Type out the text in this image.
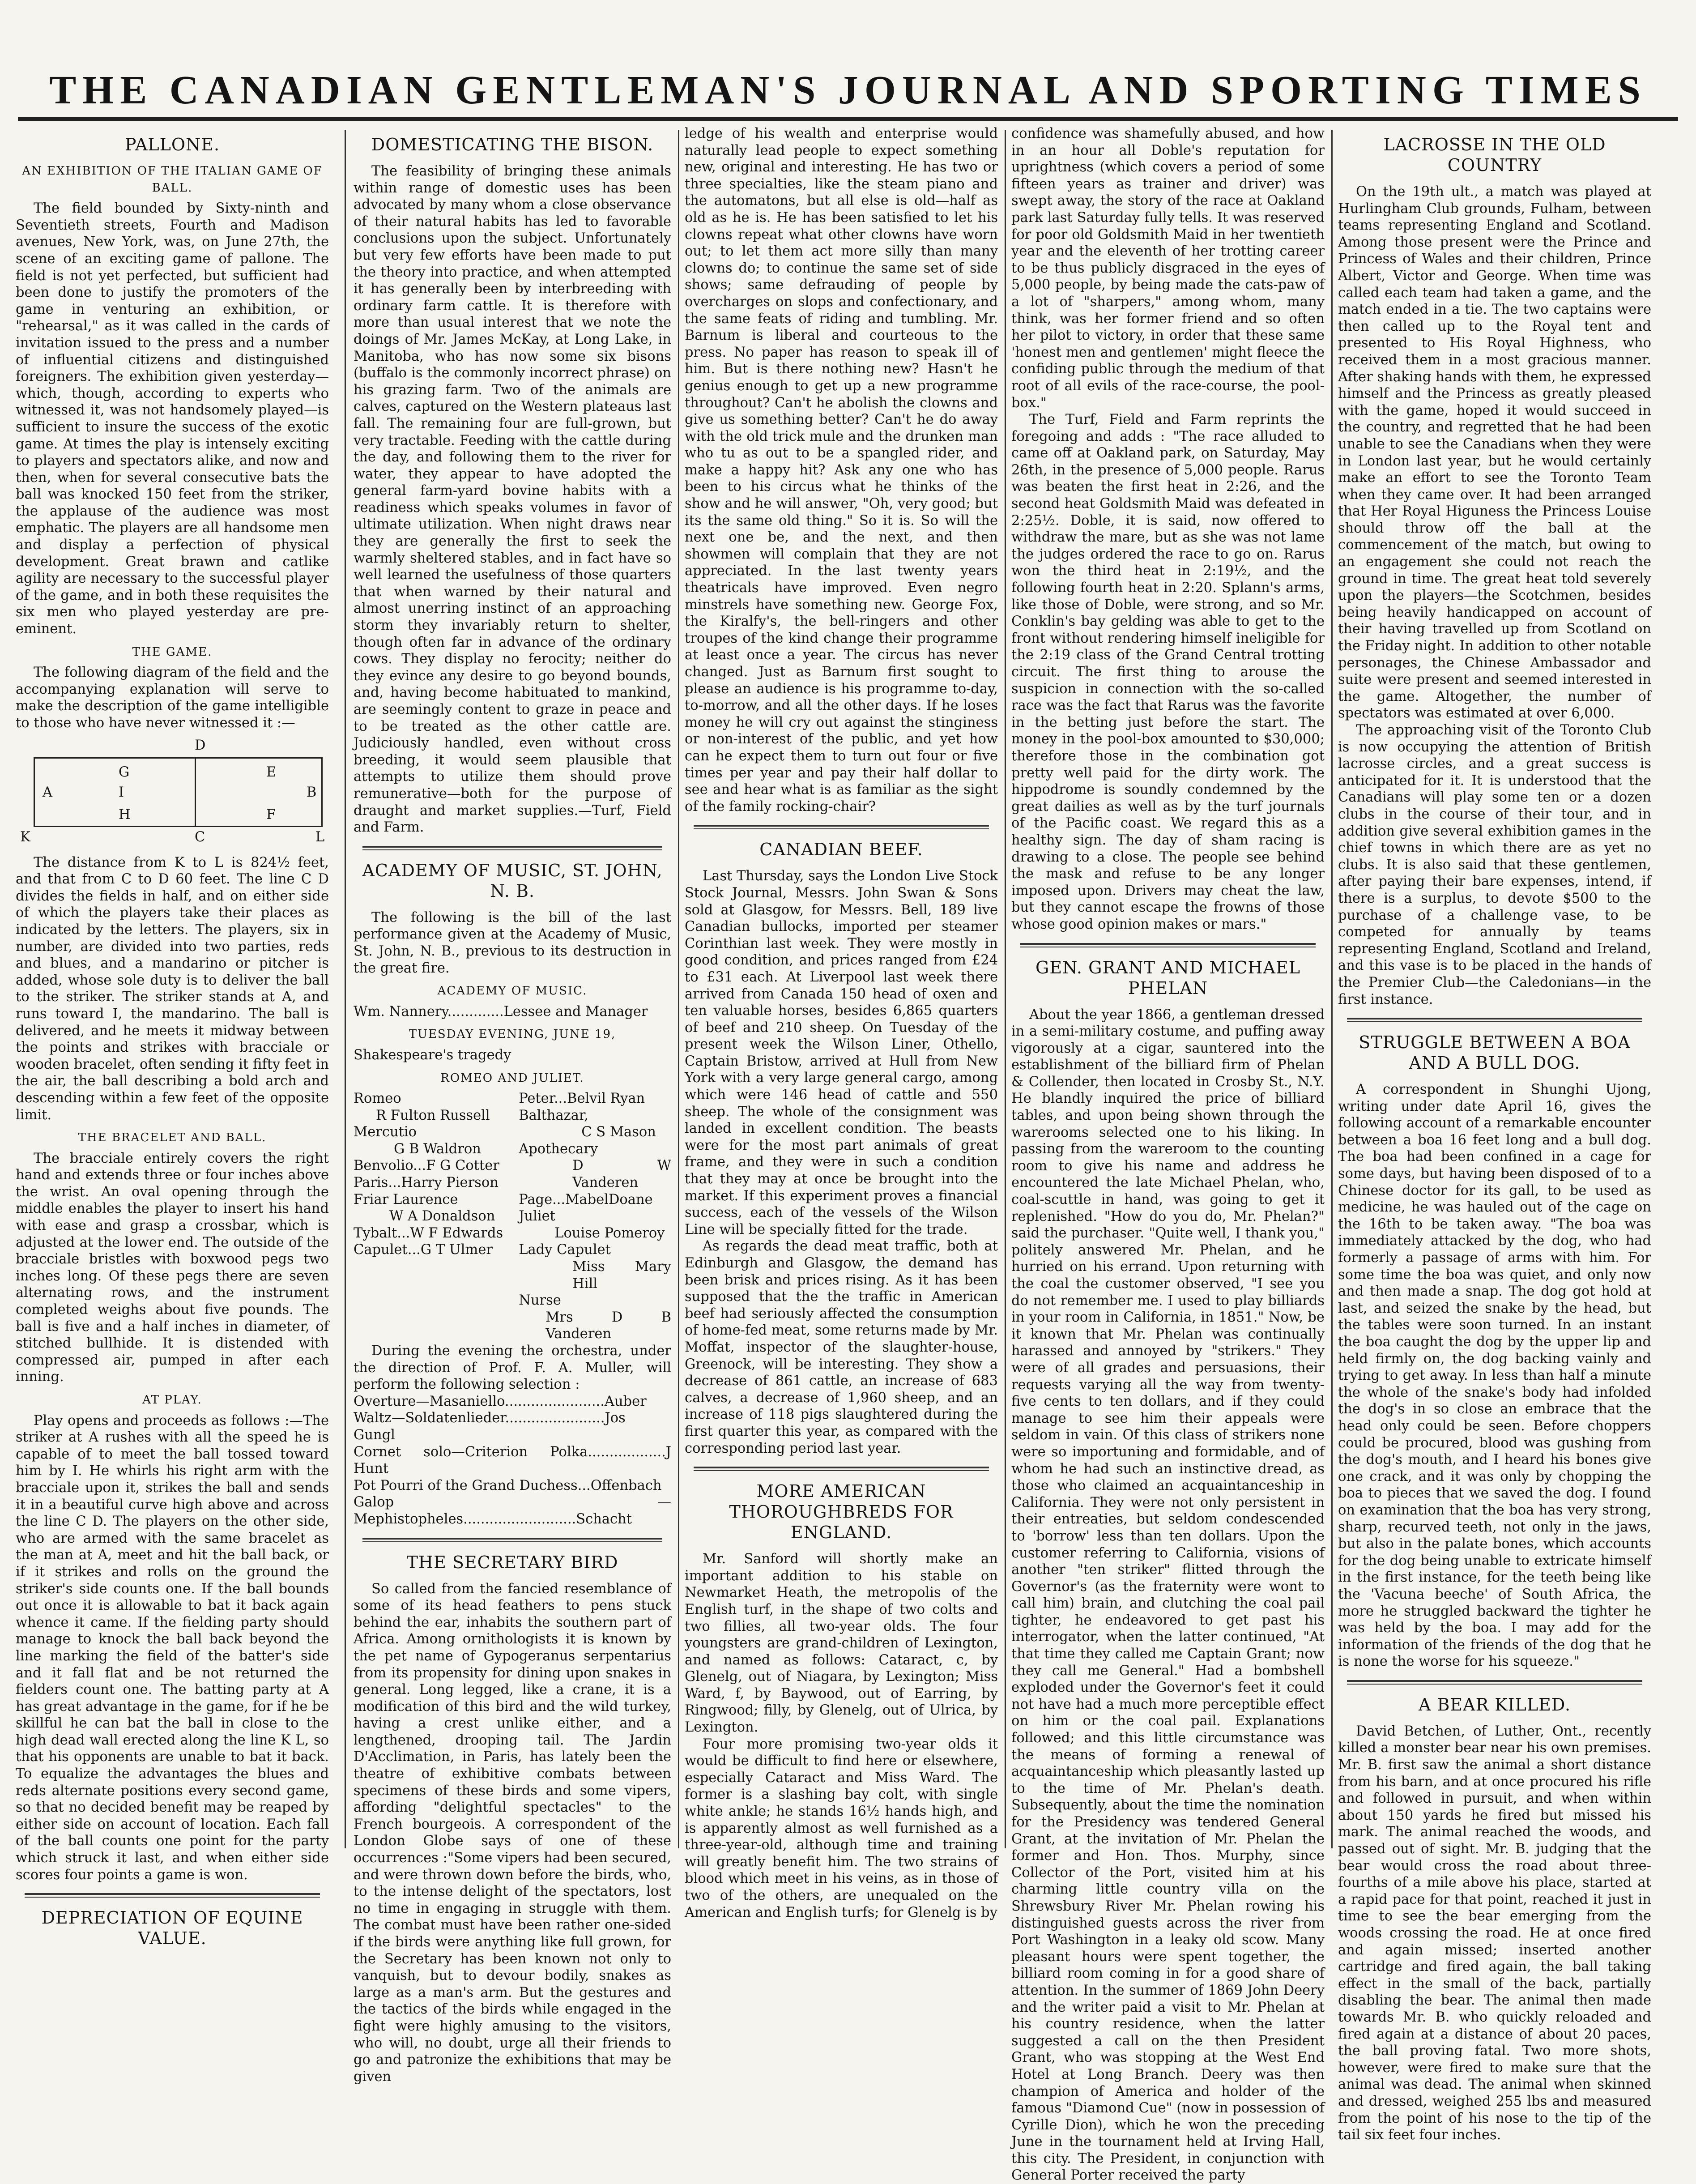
THE CANADIAN GENTLEMAN'S JOURNAL AND SPORTING TIMES
PALLONE.
AN EXHIBITION OF THE ITALIAN GAME OF BALL.

The field bounded by Sixty-ninth and Seventieth streets, Fourth and Madison avenues, New York, was, on June 27th, the scene of an exciting game of pallone. The field is not yet perfected, but sufficient had been done to justify the promoters of the game in venturing an exhibition, or "rehearsal," as it was called in the cards of invitation issued to the press and a number of influential citizens and distinguished foreigners. The exhibition given yesterday—which, though, according to experts who witnessed it, was not handsomely played—is sufficient to insure the success of the exotic game. At times the play is intensely exciting to players and spectators alike, and now and then, when for several consecutive bats the ball was knocked 150 feet from the striker, the applause of the audience was most emphatic. The players are all handsome men and display a perfection of physical development. Great brawn and catlike agility are necessary to the successful player of the game, and in both these requisites the six men who played yesterday are pre-eminent.

THE GAME.

The following diagram of the field and the accompanying explanation will serve to make the description of the game intelligible to those who have never witnessed it :—

D
G	E
A	I	B
H	F
K	C	L

The distance from K to L is 824½ feet, and that from C to D 60 feet. The line C D divides the fields in half, and on either side of which the players take their places as indicated by the letters. The players, six in number, are divided into two parties, reds and blues, and a mandarino or pitcher is added, whose sole duty is to deliver the ball to the striker. The striker stands at A, and runs toward I, the mandarino. The ball is delivered, and he meets it midway between the points and strikes with bracciale or wooden bracelet, often sending it fifty feet in the air, the ball describing a bold arch and descending within a few feet of the opposite limit.

THE BRACELET AND BALL.

The bracciale entirely covers the right hand and extends three or four inches above the wrist. An oval opening through the middle enables the player to insert his hand with ease and grasp a crossbar, which is adjusted at the lower end. The outside of the bracciale bristles with boxwood pegs two inches long. Of these pegs there are seven alternating rows, and the instrument completed weighs about five pounds. The ball is five and a half inches in diameter, of stitched bullhide. It is distended with compressed air, pumped in after each inning.

AT PLAY.

Play opens and proceeds as follows :—The striker at A rushes with all the speed he is capable of to meet the ball tossed toward him by I. He whirls his right arm with the bracciale upon it, strikes the ball and sends it in a beautiful curve high above and across the line C D. The players on the other side, who are armed with the same bracelet as the man at A, meet and hit the ball back, or if it strikes and rolls on the ground the striker's side counts one. If the ball bounds out once it is allowable to bat it back again whence it came. If the fielding party should manage to knock the ball back beyond the line marking the field of the batter's side and it fall flat and be not returned the fielders count one. The batting party at A has great advantage in the game, for if he be skillful he can bat the ball in close to the high dead wall erected along the line K L, so that his opponents are unable to bat it back. To equalize the advantages the blues and reds alternate positions every second game, so that no decided benefit may be reaped by either side on account of location. Each fall of the ball counts one point for the party which struck it last, and when either side scores four points a game is won.

DEPRECIATION OF EQUINE VALUE.
DOMESTICATING THE BISON.

The feasibility of bringing these animals within range of domestic uses has been advocated by many whom a close observance of their natural habits has led to favorable conclusions upon the subject. Unfortunately but very few efforts have been made to put the theory into practice, and when attempted it has generally been by interbreeding with ordinary farm cattle. It is therefore with more than usual interest that we note the doings of Mr. James McKay, at Long Lake, in Manitoba, who has now some six bisons (buffalo is the commonly incorrect phrase) on his grazing farm. Two of the animals are calves, captured on the Western plateaus last fall. The remaining four are full-grown, but very tractable. Feeding with the cattle during the day, and following them to the river for water, they appear to have adopted the general farm-yard bovine habits with a readiness which speaks volumes in favor of ultimate utilization. When night draws near they are generally the first to seek the warmly sheltered stables, and in fact have so well learned the usefulness of those quarters that when warned by their natural and almost unerring instinct of an approaching storm they invariably return to shelter, though often far in advance of the ordinary cows. They display no ferocity; neither do they evince any desire to go beyond bounds, and, having become habituated to mankind, are seemingly content to graze in peace and to be treated as the other cattle are. Judiciously handled, even without cross breeding, it would seem plausible that attempts to utilize them should prove remunerative—both for the purpose of draught and market supplies.—Turf, Field and Farm.

ACADEMY OF MUSIC, ST. JOHN, N. B.

The following is the bill of the last performance given at the Academy of Music, St. John, N. B., previous to its destruction in the great fire.

ACADEMY OF MUSIC.
Wm. Nannery.............Lessee and Manager
TUESDAY EVENING, JUNE 19,
Shakespeare's tragedy
ROMEO AND JULIET.
Romeo
R Fulton Russell
Mercutio
G B Waldron
Benvolio...F G Cotter
Paris...Harry Pierson
Friar Laurence
W A Donaldson
Tybalt...W F Edwards
Capulet...G T Ulmer
Peter...Belvil Ryan
Balthazar,
C S Mason
Apothecary
D W Vanderen
Page...MabelDoane
Juliet
Louise Pomeroy
Lady Capulet
Miss Mary Hill
Nurse
Mrs D B Vanderen

During the evening the orchestra, under the direction of Prof. F. A. Muller, will perform the following selection :

Overture—Masaniello.......................Auber
Waltz—Soldatenlieder.......................Jos Gungl
Cornet solo—Criterion Polka..................J Hunt
Pot Pourri of the Grand Duchess...Offenbach
Galop — Mephistopheles..........................Schacht
THE SECRETARY BIRD

So called from the fancied resemblance of some of its head feathers to pens stuck behind the ear, inhabits the southern part of Africa. Among ornithologists it is known by the pet name of Gypogeranus serpentarius from its propensity for dining upon snakes in general. Long legged, like a crane, it is a modification of this bird and the wild turkey, having a crest unlike either, and a lengthened, drooping tail. The Jardin D'Acclimation, in Paris, has lately been the theatre of exhibitive combats between specimens of these birds and some vipers, affording "delightful spectacles" to the French bourgeois. A correspondent of the London Globe says of one of these occurrences :"Some vipers had been secured, and were thrown down before the birds, who, to the intense delight of the spectators, lost no time in engaging in struggle with them. The combat must have been rather one-sided if the birds were anything like full grown, for the Secretary has been known not only to vanquish, but to devour bodily, snakes as large as a man's arm. But the gestures and the tactics of the birds while engaged in the fight were highly amusing to the visitors, who will, no doubt, urge all their friends to go and patronize the exhibitions that may be given

ledge of his wealth and enterprise would naturally lead people to expect something new, original and interesting. He has two or three specialties, like the steam piano and the automatons, but all else is old—half as old as he is. He has been satisfied to let his clowns repeat what other clowns have worn out; to let them act more silly than many clowns do; to continue the same set of side shows; same defrauding of people by overcharges on slops and confectionary, and the same feats of riding and tumbling. Mr. Barnum is liberal and courteous to the press. No paper has reason to speak ill of him. But is there nothing new? Hasn't he genius enough to get up a new programme throughout? Can't he abolish the clowns and give us something better? Can't he do away with the old trick mule and the drunken man who tu as out to be a spangled rider, and make a happy hit? Ask any one who has been to his circus what he thinks of the show and he will answer, "Oh, very good; but its the same old thing." So it is. So will the next one be, and the next, and then showmen will complain that they are not appreciated. In the last twenty years theatricals have improved. Even negro minstrels have something new. George Fox, the Kiralfy's, the bell-ringers and other troupes of the kind change their programme at least once a year. The circus has never changed. Just as Barnum first sought to please an audience is his programme to-day, to-morrow, and all the other days. If he loses money he will cry out against the stinginess or non-interest of the public, and yet how can he expect them to turn out four or five times per year and pay their half dollar to see and hear what is as familiar as the sight of the family rocking-chair?

CANADIAN BEEF.

Last Thursday, says the London Live Stock Stock Journal, Messrs. John Swan & Sons sold at Glasgow, for Messrs. Bell, 189 live Canadian bullocks, imported per steamer Corinthian last week. They were mostly in good condition, and prices ranged from £24 to £31 each. At Liverpool last week there arrived from Canada 150 head of oxen and ten valuable horses, besides 6,865 quarters of beef and 210 sheep. On Tuesday of the present week the Wilson Liner, Othello, Captain Bristow, arrived at Hull from New York with a very large general cargo, among which were 146 head of cattle and 550 sheep. The whole of the consignment was landed in excellent condition. The beasts were for the most part animals of great frame, and they were in such a condition that they may at once be brought into the market. If this experiment proves a financial success, each of the vessels of the Wilson Line will be specially fitted for the trade.

As regards the dead meat traffic, both at Edinburgh and Glasgow, the demand has been brisk and prices rising. As it has been supposed that the the traffic in American beef had seriously affected the consumption of home-fed meat, some returns made by Mr. Moffat, inspector of the slaughter-house, Greenock, will be interesting. They show a decrease of 861 cattle, an increase of 683 calves, a decrease of 1,960 sheep, and an increase of 118 pigs slaughtered during the first quarter this year, as compared with the corresponding period last year.

MORE AMERICAN THOROUGHBREDS FOR ENGLAND.

Mr. Sanford will shortly make an important addition to his stable on Newmarket Heath, the metropolis of the English turf, in the shape of two colts and two fillies, all two-year olds. The four youngsters are grand-children of Lexington, and named as follows: Cataract, c, by Glenelg, out of Niagara, by Lexington; Miss Ward, f, by Baywood, out of Earring, by Ringwood; filly, by Glenelg, out of Ulrica, by Lexington.

Four more promising two-year olds it would be difficult to find here or elsewhere, especially Cataract and Miss Ward. The former is a slashing bay colt, with single white ankle; he stands 16½ hands high, and is apparently almost as well furnished as a three-year-old, although time and training will greatly benefit him. The two strains of blood which meet in his veins, as in those of two of the others, are unequaled on the American and English turfs; for Glenelg is by

confidence was shamefully abused, and how in an hour all Doble's reputation for uprightness (which covers a period of some fifteen years as trainer and driver) was swept away, the story of the race at Oakland park last Saturday fully tells. It was reserved for poor old Goldsmith Maid in her twentieth year and the eleventh of her trotting career to be thus publicly disgraced in the eyes of 5,000 people, by being made the cats-paw of a lot of "sharpers," among whom, many think, was her former friend and so often her pilot to victory, in order that these same 'honest men and gentlemen' might fleece the confiding public through the medium of that root of all evils of the race-course, the pool-box."

The Turf, Field and Farm reprints the foregoing and adds : "The race alluded to came off at Oakland park, on Saturday, May 26th, in the presence of 5,000 people. Rarus was beaten the first heat in 2:26, and the second heat Goldsmith Maid was defeated in 2:25½. Doble, it is said, now offered to withdraw the mare, but as she was not lame the judges ordered the race to go on. Rarus won the third heat in 2:19½, and the following fourth heat in 2:20. Splann's arms, like those of Doble, were strong, and so Mr. Conklin's bay gelding was able to get to the front without rendering himself ineligible for the 2:19 class of the Grand Central trotting circuit. The first thing to arouse the suspicion in connection with the so-called race was the fact that Rarus was the favorite in the betting just before the start. The money in the pool-box amounted to $30,000; therefore those in the combination got pretty well paid for the dirty work. The hippodrome is soundly condemned by the great dailies as well as by the turf journals of the Pacific coast. We regard this as a healthy sign. The day of sham racing is drawing to a close. The people see behind the mask and refuse to be any longer imposed upon. Drivers may cheat the law, but they cannot escape the frowns of those whose good opinion makes or mars."

GEN. GRANT AND MICHAEL PHELAN

About the year 1866, a gentleman dressed in a semi-military costume, and puffing away vigorously at a cigar, sauntered into the establishment of the billiard firm of Phelan & Collender, then located in Crosby St., N.Y. He blandly inquired the price of billiard tables, and upon being shown through the warerooms selected one to his liking. In passing from the wareroom to the counting room to give his name and address he encountered the late Michael Phelan, who, coal-scuttle in hand, was going to get it replenished. "How do you do, Mr. Phelan?" said the purchaser. "Quite well, I thank you," politely answered Mr. Phelan, and he hurried on his errand. Upon returning with the coal the customer observed, "I see you do not remember me. I used to play billiards in your room in California, in 1851." Now, be it known that Mr. Phelan was continually harassed and annoyed by "strikers." They were of all grades and persuasions, their requests varying all the way from twenty-five cents to ten dollars, and if they could manage to see him their appeals were seldom in vain. Of this class of strikers none were so importuning and formidable, and of whom he had such an instinctive dread, as those who claimed an acquaintanceship in California. They were not only persistent in their entreaties, but seldom condescended to 'borrow' less than ten dollars. Upon the customer referring to California, visions of another "ten striker" flitted through the Governor's (as the fraternity were wont to call him) brain, and clutching the coal pail tighter, he endeavored to get past his interrogator, when the latter continued, "At that time they called me Captain Grant; now they call me General." Had a bombshell exploded under the Governor's feet it could not have had a much more perceptible effect on him or the coal pail. Explanations followed; and this little circumstance was the means of forming a renewal of acquaintanceship which pleasantly lasted up to the time of Mr. Phelan's death. Subsequently, about the time the nomination for the Presidency was tendered General Grant, at the invitation of Mr. Phelan the former and Hon. Thos. Murphy, since Collector of the Port, visited him at his charming little country villa on the Shrewsbury River Mr. Phelan rowing his distinguished guests across the river from Port Washington in a leaky old scow. Many pleasant hours were spent together, the billiard room coming in for a good share of attention. In the summer of 1869 John Deery and the writer paid a visit to Mr. Phelan at his country residence, when the latter suggested a call on the then President Grant, who was stopping at the West End Hotel at Long Branch. Deery was then champion of America and holder of the famous "Diamond Cue" (now in possession of Cyrille Dion), which he won the preceding June in the tournament held at Irving Hall, this city. The President, in conjunction with General Porter received the party

LACROSSE IN THE OLD COUNTRY

On the 19th ult., a match was played at Hurlingham Club grounds, Fulham, between teams representing England and Scotland. Among those present were the Prince and Princess of Wales and their children, Prince Albert, Victor and George. When time was called each team had taken a game, and the match ended in a tie. The two captains were then called up to the Royal tent and presented to His Royal Highness, who received them in a most gracious manner. After shaking hands with them, he expressed himself and the Princess as greatly pleased with the game, hoped it would succeed in the country, and regretted that he had been unable to see the Canadians when they were in London last year, but he would certainly make an effort to see the Toronto Team when they came over. It had been arranged that Her Royal Higuness the Princess Louise should throw off the ball at the commencement of the match, but owing to an engagement she could not reach the ground in time. The great heat told severely upon the players—the Scotchmen, besides being heavily handicapped on account of their having travelled up from Scotland on the Friday night. In addition to other notable personages, the Chinese Ambassador and suite were present and seemed interested in the game. Altogether, the number of spectators was estimated at over 6,000.

The approaching visit of the Toronto Club is now occupying the attention of British lacrosse circles, and a great success is anticipated for it. It is understood that the Canadians will play some ten or a dozen clubs in the course of their tour, and in addition give several exhibition games in the chief towns in which there are as yet no clubs. It is also said that these gentlemen, after paying their bare expenses, intend, if there is a surplus, to devote $500 to the purchase of a challenge vase, to be competed for annually by teams representing England, Scotland and Ireland, and this vase is to be placed in the hands of the Premier Club—the Caledonians—in the first instance.

STRUGGLE BETWEEN A BOA AND A BULL DOG.

A correspondent in Shunghi Ujong, writing under date April 16, gives the following account of a remarkable encounter between a boa 16 feet long and a bull dog. The boa had been confined in a cage for some days, but having been disposed of to a Chinese doctor for its gall, to be used as medicine, he was hauled out of the cage on the 16th to be taken away. "The boa was immediately attacked by the dog, who had formerly a passage of arms with him. For some time the boa was quiet, and only now and then made a snap. The dog got hold at last, and seized the snake by the head, but the tables were soon turned. In an instant the boa caught the dog by the upper lip and held firmly on, the dog backing vainly and trying to get away. In less than half a minute the whole of the snake's body had infolded the dog's in so close an embrace that the head only could be seen. Before choppers could be procured, blood was gushing from the dog's mouth, and I heard his bones give one crack, and it was only by chopping the boa to pieces that we saved the dog. I found on examination that the boa has very strong, sharp, recurved teeth, not only in the jaws, but also in the palate bones, which accounts for the dog being unable to extricate himself in the first instance, for the teeth being like the 'Vacuna beeche' of South Africa, the more he struggled backward the tighter he was held by the boa. I may add for the information of the friends of the dog that he is none the worse for his squeeze."

A BEAR KILLED.

David Betchen, of Luther, Ont., recently killed a monster bear near his own premises. Mr. B. first saw the animal a short distance from his barn, and at once procured his rifle and followed in pursuit, and when within about 150 yards he fired but missed his mark. The animal reached the woods, and passed out of sight. Mr. B. judging that the bear would cross the road about three-fourths of a mile above his place, started at a rapid pace for that point, reached it just in time to see the bear emerging from the woods crossing the road. He at once fired and again missed; inserted another cartridge and fired again, the ball taking effect in the small of the back, partially disabling the bear. The animal then made towards Mr. B. who quickly reloaded and fired again at a distance of about 20 paces, the ball proving fatal. Two more shots, however, were fired to make sure that the animal was dead. The animal when skinned and dressed, weighed 255 lbs and measured from the point of his nose to the tip of the tail six feet four inches.
